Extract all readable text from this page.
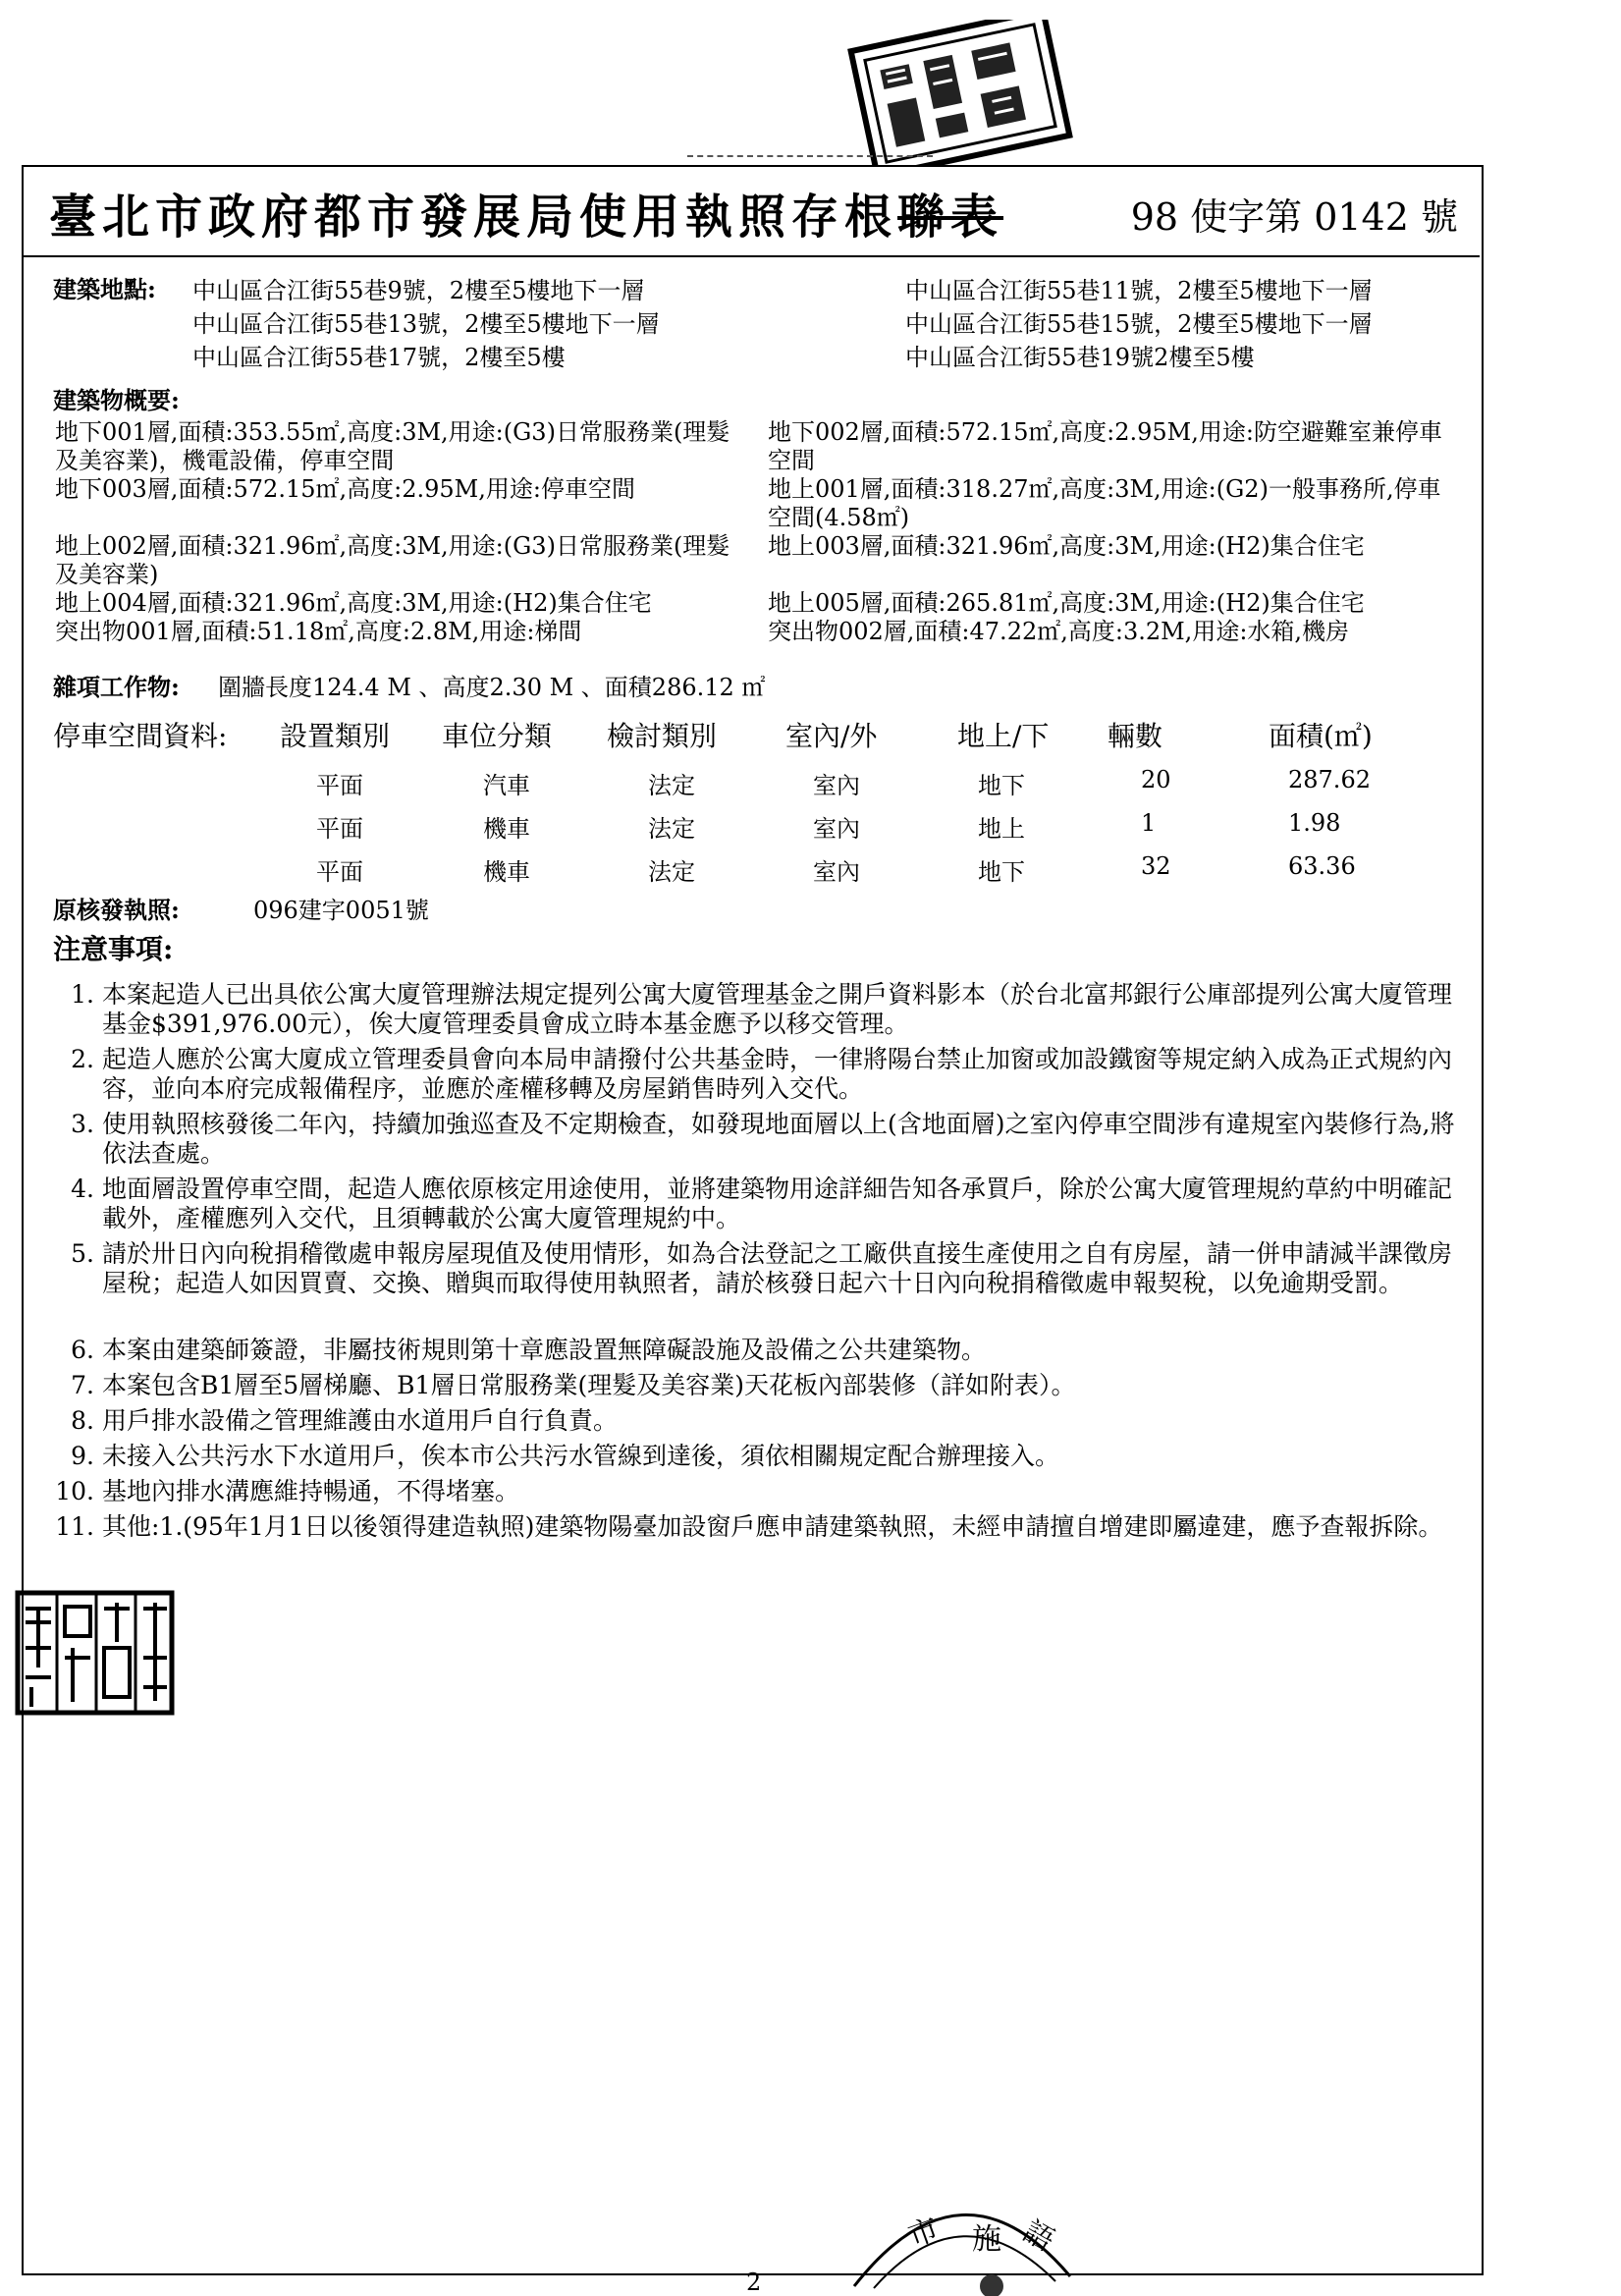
臺北市政府都市發展局使用執照存根聯表	98 使字第 0142 號
建築地點: 中山區合江街55巷9號，2樓至5樓地下一層	中山區合江街55巷11號，2樓至5樓地下一層
中山區合江街55巷13號，2樓至5樓地下一層	中山區合江街55巷15號，2樓至5樓地下一層
中山區合江街55巷17號，2樓至5樓	中山區合江街55巷19號2樓至5樓
建築物概要:
地下001層,面積:353.55㎡,高度:3M,用途:(G3)日常服務業(理髮 地下002層,面積:572.15㎡,高度:2.95M,用途:防空避難室兼停車
及美容業)，機電設備，停車空間	空間
地下003層,面積:572.15㎡,高度:2.95M,用途:停車空間	地上001層,面積:318.27㎡,高度:3M,用途:(G2)一般事務所,停車
空間(4.58㎡)
地上002層,面積:321.96㎡,高度:3M,用途:(G3)日常服務業(理髮 地上003層,面積:321.96㎡,高度:3M,用途:(H2)集合住宅
及美容業)
地上004層,面積:321.96㎡,高度:3M,用途:(H2)集合住宅	地上005層,面積:265.81㎡,高度:3M,用途:(H2)集合住宅
突出物001層,面積:51.18㎡,高度:2.8M,用途:梯間	突出物002層,面積:47.22㎡,高度:3.2M,用途:水箱,機房
雜項工作物: 圍牆長度124.4 M 、高度2.30 M 、面積286.12 ㎡
停車空間資料: 設置類別 車位分類 檢討類別 室內/外	地上/下 輛數	面積(㎡)
平面	汽車	法定	室內	地下	20	287.62
平面	機車	法定	室內	地上	1	1.98
平面	機車	法定	室內	地下	32	63.36
原核發執照:	096建字0051號
注意事項:
1. 本案起造人已出具依公寓大廈管理辦法規定提列公寓大廈管理基金之開戶資料影本（於台北富邦銀行公庫部提列公寓大廈管理基金$391,976.00元），俟大廈管理委員會成立時本基金應予以移交管理。
2. 起造人應於公寓大廈成立管理委員會向本局申請撥付公共基金時，一律將陽台禁止加窗或加設鐵窗等規定納入成為正式規約內容，並向本府完成報備程序，並應於產權移轉及房屋銷售時列入交代。
3. 使用執照核發後二年內，持續加強巡查及不定期檢查，如發現地面層以上(含地面層)之室內停車空間涉有違規室內裝修行為,將依法查處。
4. 地面層設置停車空間，起造人應依原核定用途使用，並將建築物用途詳細告知各承買戶，除於公寓大廈管理規約草約中明確記載外，產權應列入交代，且須轉載於公寓大廈管理規約中。
5. 請於卅日內向稅捐稽徵處申報房屋現值及使用情形，如為合法登記之工廠供直接生產使用之自有房屋，請一併申請減半課徵房屋稅；起造人如因買賣、交換、贈與而取得使用執照者，請於核發日起六十日內向稅捐稽徵處申報契稅，以免逾期受罰。
6. 本案由建築師簽證，非屬技術規則第十章應設置無障礙設施及設備之公共建築物。
7. 本案包含B1層至5層梯廳、B1層日常服務業(理髮及美容業)天花板內部裝修（詳如附表）。
8. 用戶排水設備之管理維護由水道用戶自行負責。
9. 未接入公共污水下水道用戶，俟本市公共污水管線到達後，須依相關規定配合辦理接入。
10. 基地內排水溝應維持暢通，不得堵塞。
11. 其他:1.(95年1月1日以後領得建造執照)建築物陽臺加設窗戶應申請建築執照，未經申請擅自增建即屬違建，應予查報拆除。
市 施 語
2
